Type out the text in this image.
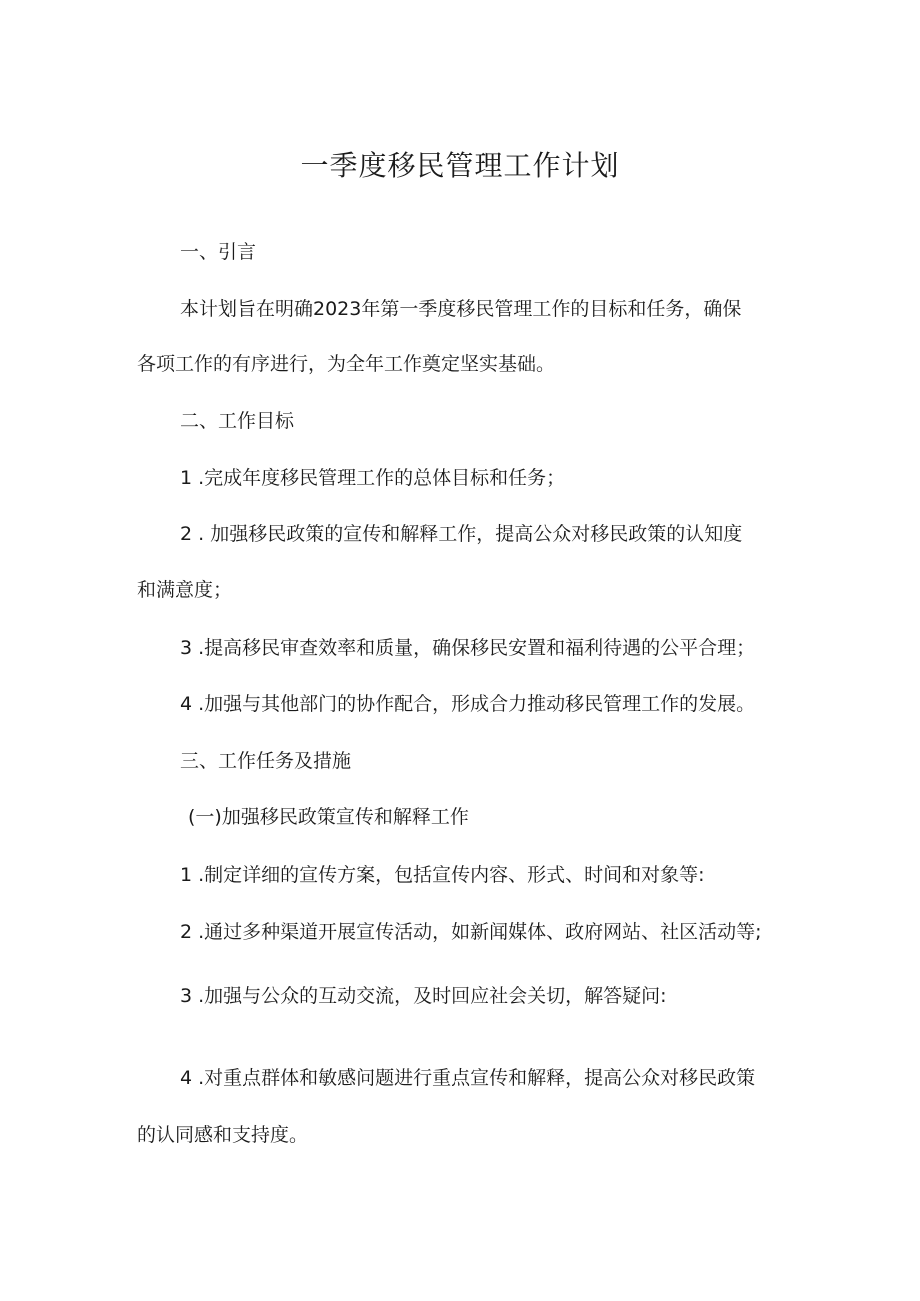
一季度移民管理工作计划
一、引言
本计划旨在明确2023年第一季度移民管理工作的目标和任务，确保
各项工作的有序进行，为全年工作奠定坚实基础。
二、工作目标
1 .完成年度移民管理工作的总体目标和任务；
2 . 加强移民政策的宣传和解释工作，提高公众对移民政策的认知度
和满意度；
3 .提高移民审查效率和质量，确保移民安置和福利待遇的公平合理；
4 .加强与其他部门的协作配合，形成合力推动移民管理工作的发展。
三、工作任务及措施
(一)加强移民政策宣传和解释工作
1 .制定详细的宣传方案，包括宣传内容、形式、时间和对象等:
2 .通过多种渠道开展宣传活动，如新闻媒体、政府网站、社区活动等;
3 .加强与公众的互动交流，及时回应社会关切，解答疑问:
4 .对重点群体和敏感问题进行重点宣传和解释，提高公众对移民政策
的认同感和支持度。
